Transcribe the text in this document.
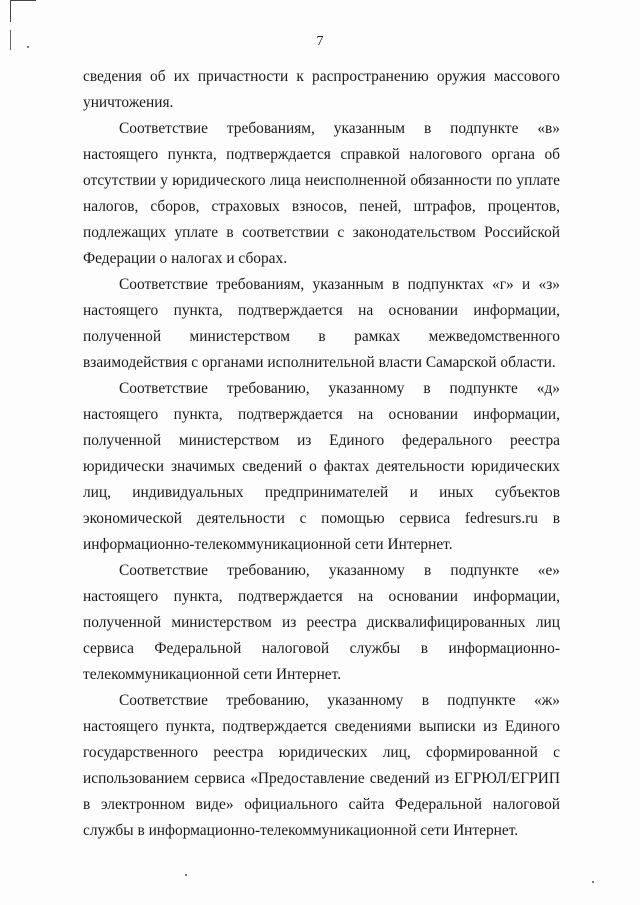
7

сведения об их причастности к распространению оружия массового уничтожения.

Соответствие требованиям, указанным в подпункте «в» настоящего пункта, подтверждается справкой налогового органа об отсутствии у юридического лица неисполненной обязанности по уплате налогов, сборов, страховых взносов, пеней, штрафов, процентов, подлежащих уплате в соответствии с законодательством Российской Федерации о налогах и сборах.

Соответствие требованиям, указанным в подпунктах «г» и «з» настоящего пункта, подтверждается на основании информации, полученной министерством в рамках межведомственного взаимодействия с органами исполнительной власти Самарской области.

Соответствие требованию, указанному в подпункте «д» настоящего пункта, подтверждается на основании информации, полученной министерством из Единого федерального реестра юридически значимых сведений о фактах деятельности юридических лиц, индивидуальных предпринимателей и иных субъектов экономической деятельности с помощью сервиса fedresurs.ru в информационно-телекоммуникационной сети Интернет.

Соответствие требованию, указанному в подпункте «е» настоящего пункта, подтверждается на основании информации, полученной министерством из реестра дисквалифицированных лиц сервиса Федеральной налоговой службы в информационно-телекоммуникационной сети Интернет.

Соответствие требованию, указанному в подпункте «ж» настоящего пункта, подтверждается сведениями выписки из Единого государственного реестра юридических лиц, сформированной с использованием сервиса «Предоставление сведений из ЕГРЮЛ/ЕГРИП в электронном виде» официального сайта Федеральной налоговой службы в информационно-телекоммуникационной сети Интернет.
